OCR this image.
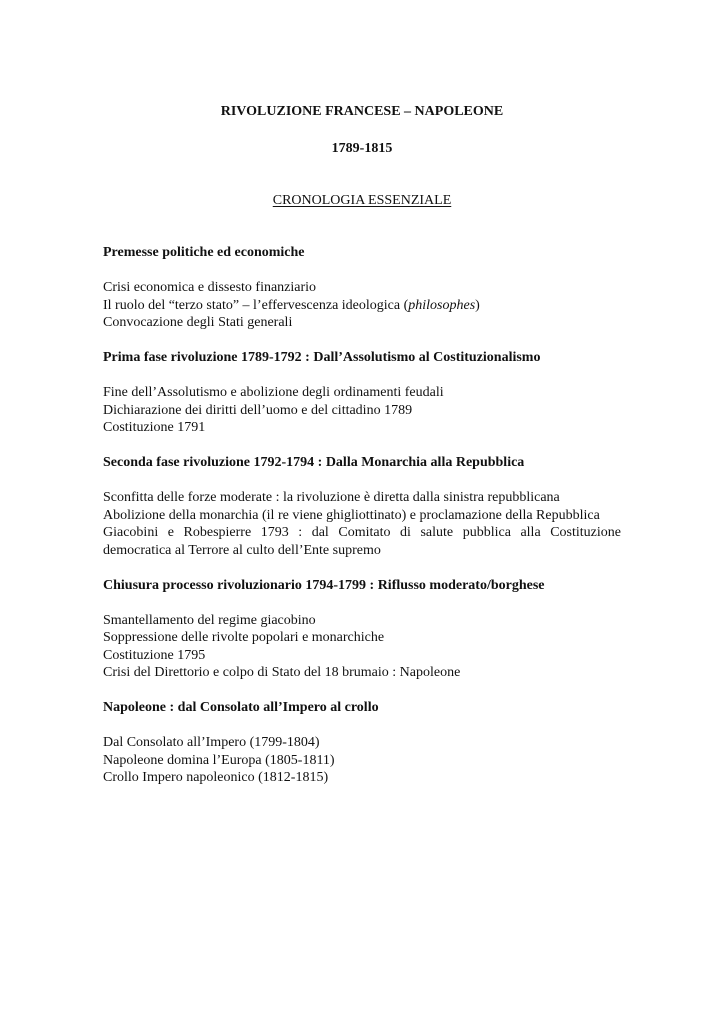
RIVOLUZIONE FRANCESE – NAPOLEONE
1789-1815
CRONOLOGIA ESSENZIALE
Premesse politiche ed economiche

Crisi economica e dissesto finanziario

Il ruolo del “terzo stato” – l’effervescenza ideologica (philosophes)

Convocazione degli Stati generali

Prima fase rivoluzione 1789-1792 : Dall’Assolutismo al Costituzionalismo

Fine dell’Assolutismo e abolizione degli ordinamenti feudali

Dichiarazione dei diritti dell’uomo e del cittadino 1789

Costituzione 1791

Seconda fase rivoluzione 1792-1794 : Dalla Monarchia alla Repubblica

Sconfitta delle forze moderate : la rivoluzione è diretta dalla sinistra repubblicana

Abolizione della monarchia (il re viene ghigliottinato) e proclamazione della Repubblica

Giacobini e Robespierre 1793 : dal Comitato di salute pubblica alla Costituzione democratica al Terrore al culto dell’Ente supremo

Chiusura processo rivoluzionario 1794-1799 : Riflusso moderato/borghese

Smantellamento del regime giacobino

Soppressione delle rivolte popolari e monarchiche

Costituzione 1795

Crisi del Direttorio e colpo di Stato del 18 brumaio : Napoleone

Napoleone : dal Consolato all’Impero al crollo

Dal Consolato all’Impero (1799-1804)

Napoleone domina l’Europa (1805-1811)

Crollo Impero napoleonico (1812-1815)
